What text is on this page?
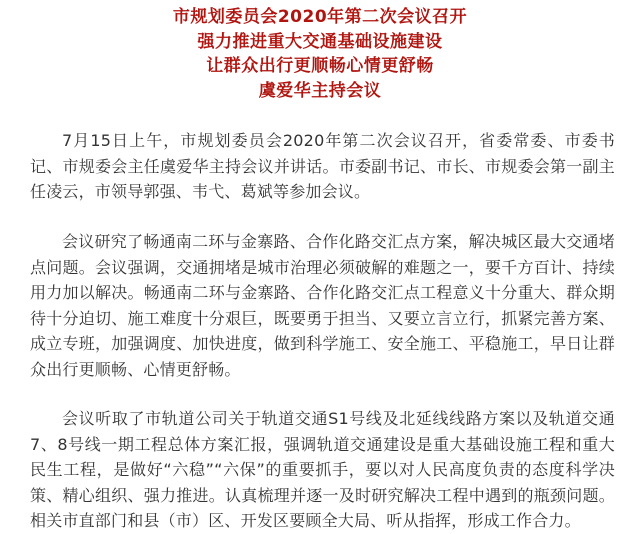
市规划委员会2020年第二次会议召开
强力推进重大交通基础设施建设
让群众出行更顺畅心情更舒畅
虞爱华主持会议

7月15日上午，市规划委员会2020年第二次会议召开，省委常委、市委书记、市规委会主任虞爱华主持会议并讲话。市委副书记、市长、市规委会第一副主任凌云，市领导郭强、韦弋、葛斌等参加会议。

会议研究了畅通南二环与金寨路、合作化路交汇点方案，解决城区最大交通堵点问题。会议强调，交通拥堵是城市治理必须破解的难题之一，要千方百计、持续用力加以解决。畅通南二环与金寨路、合作化路交汇点工程意义十分重大、群众期待十分迫切、施工难度十分艰巨，既要勇于担当、又要立言立行，抓紧完善方案、成立专班，加强调度、加快进度，做到科学施工、安全施工、平稳施工，早日让群众出行更顺畅、心情更舒畅。

会议听取了市轨道公司关于轨道交通S1号线及北延线线路方案以及轨道交通7、8号线一期工程总体方案汇报，强调轨道交通建设是重大基础设施工程和重大民生工程，是做好“六稳”“六保”的重要抓手，要以对人民高度负责的态度科学决策、精心组织、强力推进。认真梳理并逐一及时研究解决工程中遇到的瓶颈问题。相关市直部门和县（市）区、开发区要顾全大局、听从指挥，形成工作合力。
